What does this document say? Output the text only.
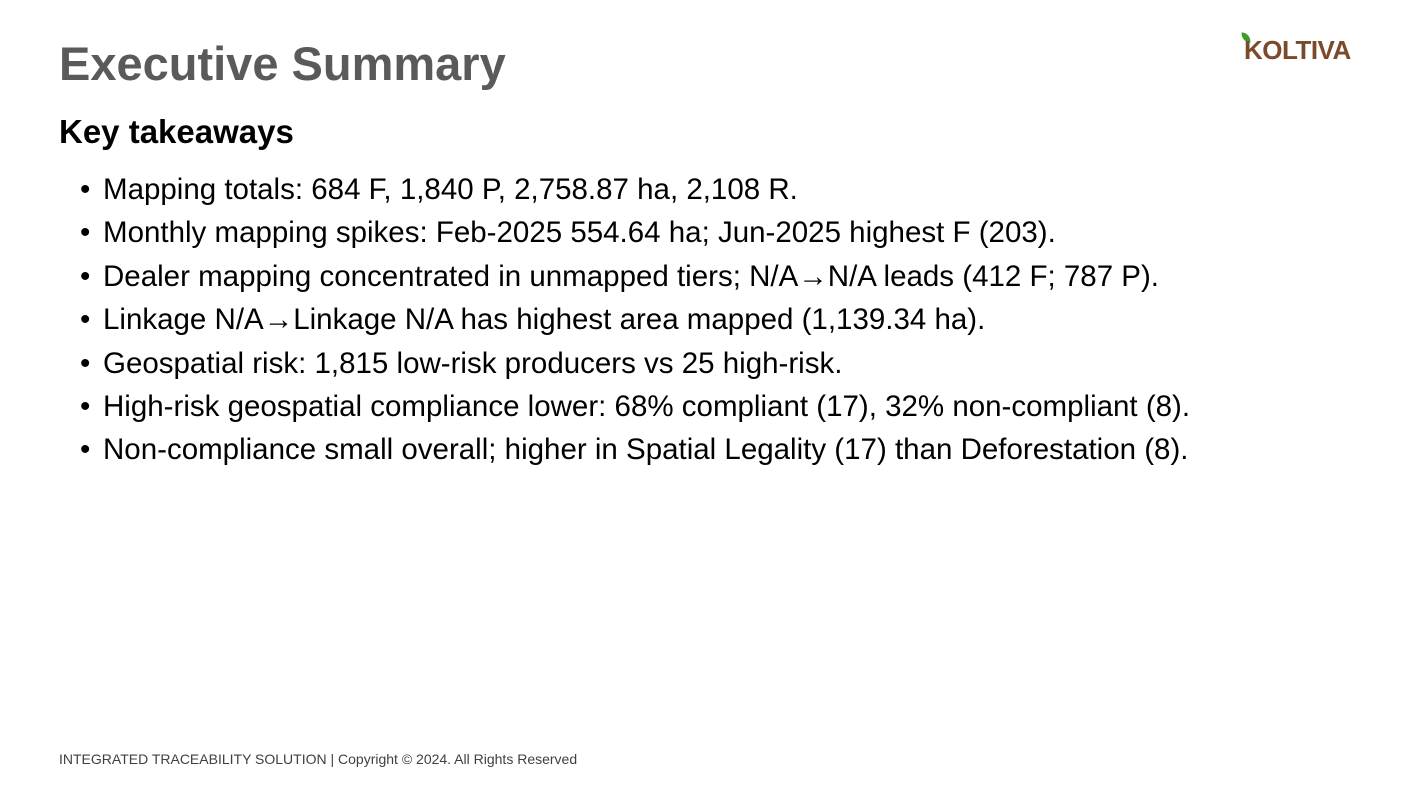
Executive Summary	KOLTIVA
Key takeaways
• Mapping totals: 684 F, 1,840 P, 2,758.87 ha, 2,108 R.
• Monthly mapping spikes: Feb-2025 554.64 ha; Jun-2025 highest F (203).
• Dealer mapping concentrated in unmapped tiers; N/A→N/A leads (412 F; 787 P).
• Linkage N/A→Linkage N/A has highest area mapped (1,139.34 ha).
• Geospatial risk: 1,815 low-risk producers vs 25 high-risk.
• High-risk geospatial compliance lower: 68% compliant (17), 32% non-compliant (8).
• Non-compliance small overall; higher in Spatial Legality (17) than Deforestation (8).
INTEGRATED TRACEABILITY SOLUTION | Copyright © 2024. All Rights Reserved
